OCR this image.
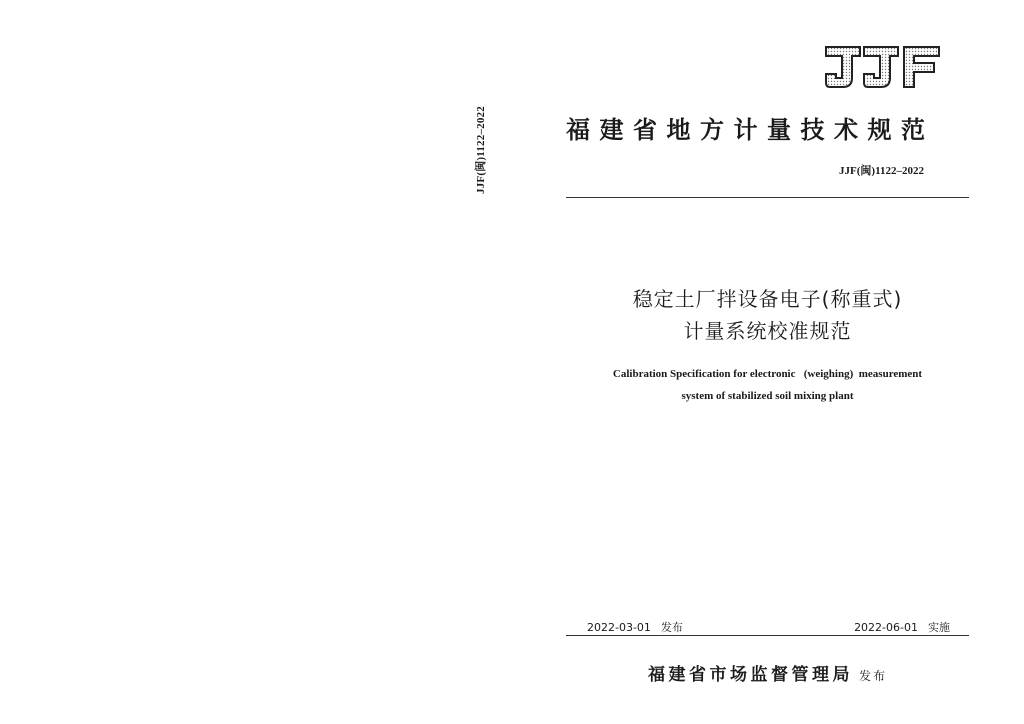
JJF(闽)1122–2022	福建省地方计量技术规范
JJF(闽)1122–2022
稳定土厂拌设备电子(称重式)
计量系统校准规范
Calibration Specification for electronic   (weighing)  measurement
system of stabilized soil mixing plant
2022-03-01 发布	2022-06-01 实施
福建省市场监督管理局 发布
